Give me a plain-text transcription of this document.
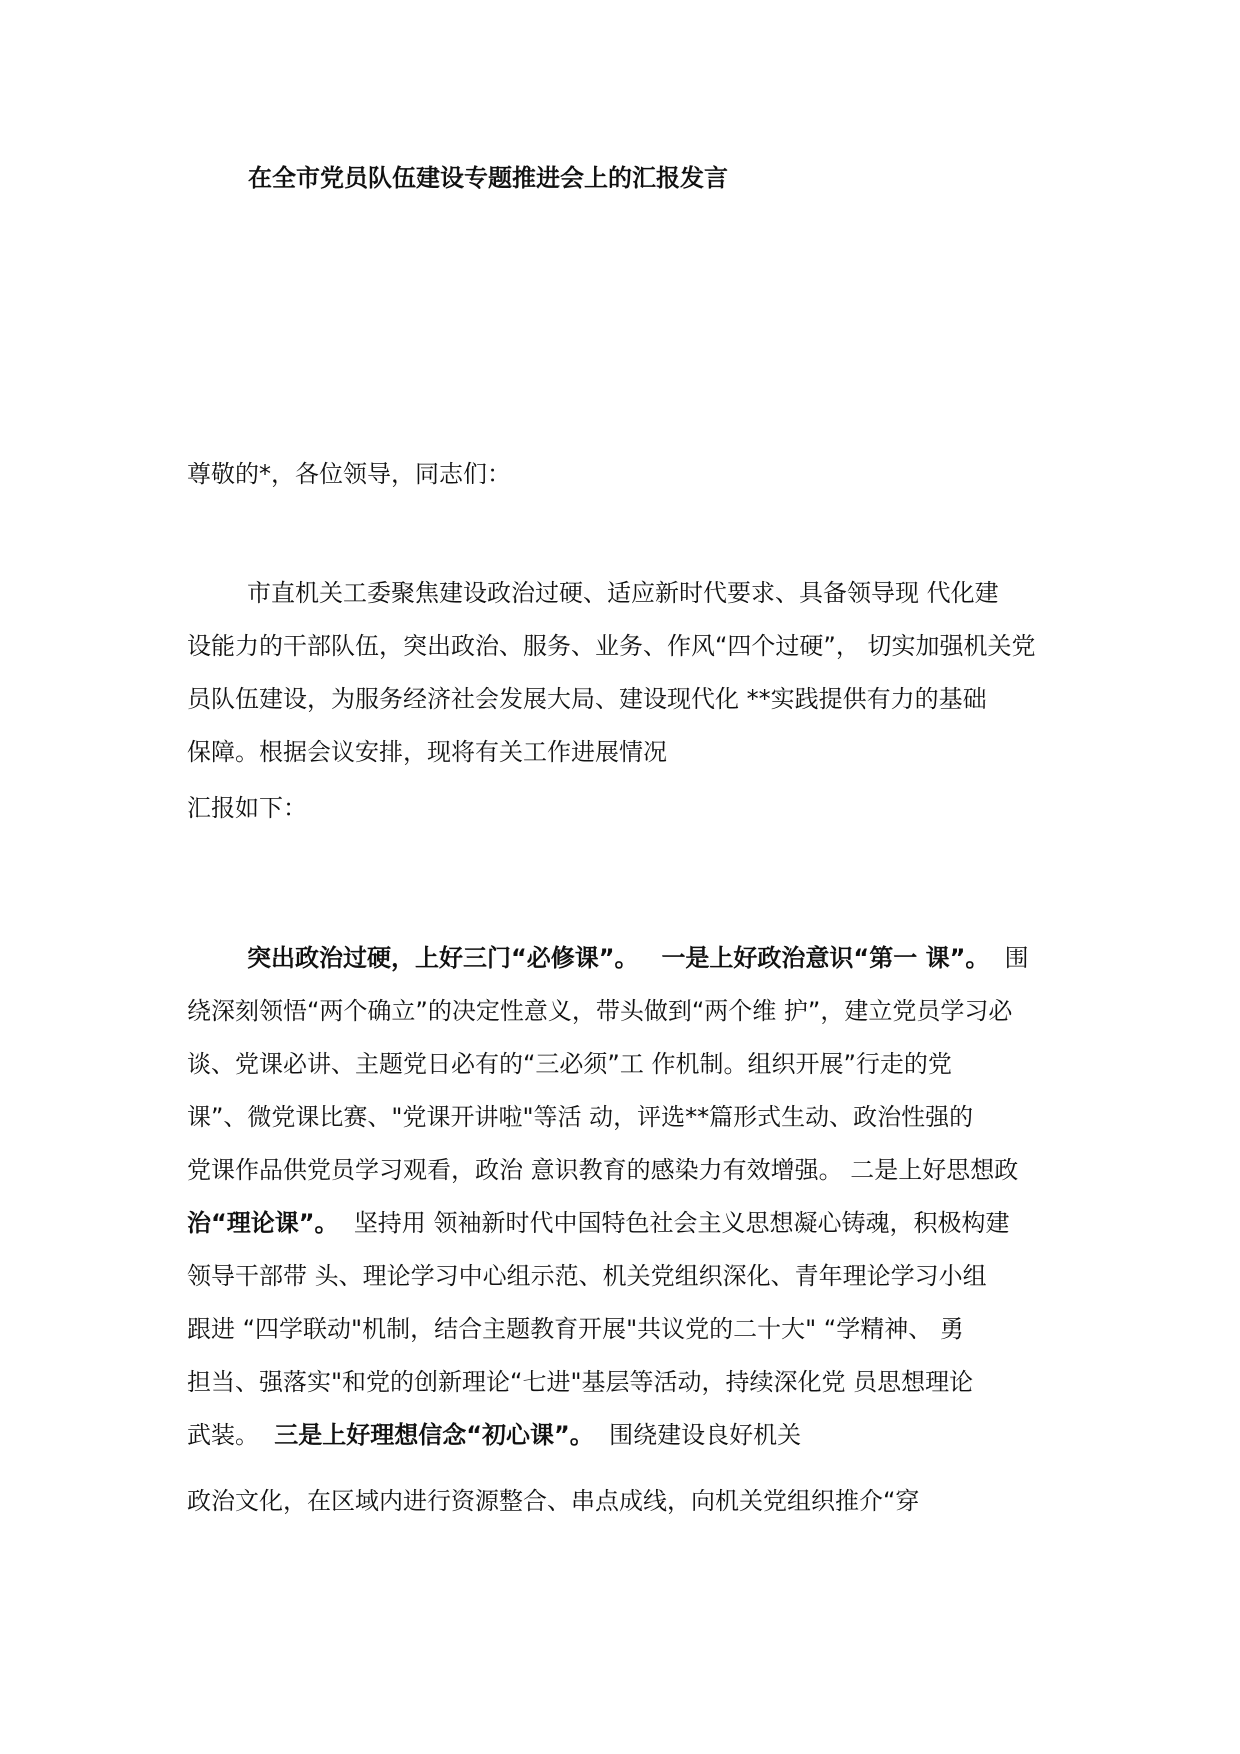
在全市党员队伍建设专题推进会上的汇报发言
尊敬的*，各位领导，同志们：
市直机关工委聚焦建设政治过硬、适应新时代要求、具备领导现 代化建
设能力的干部队伍，突出政治、服务、业务、作风“四个过硬”， 切实加强机关党
员队伍建设，为服务经济社会发展大局、建设现代化 **实践提供有力的基础
保障。根据会议安排，现将有关工作进展情况
汇报如下：
突出政治过硬，上好三门“必修课”。 一是上好政治意识“第一 课”。 围
绕深刻领悟“两个确立”的决定性意义，带头做到“两个维 护”，建立党员学习必
谈、党课必讲、主题党日必有的“三必须”工 作机制。组织开展”行走的党
课”、微党课比赛、"党课开讲啦"等活 动，评选**篇形式生动、政治性强的
党课作品供党员学习观看，政治 意识教育的感染力有效增强。 二是上好思想政
治“理论课”。 坚持用 领袖新时代中国特色社会主义思想凝心铸魂，积极构建
领导干部带 头、理论学习中心组示范、机关党组织深化、青年理论学习小组
跟进 “四学联动"机制，结合主题教育开展"共议党的二十大" “学精神、 勇
担当、强落实"和党的创新理论“七进"基层等活动，持续深化党 员思想理论
武装。 三是上好理想信念“初心课”。 围绕建设良好机关
政治文化，在区域内进行资源整合、串点成线，向机关党组织推介“穿
